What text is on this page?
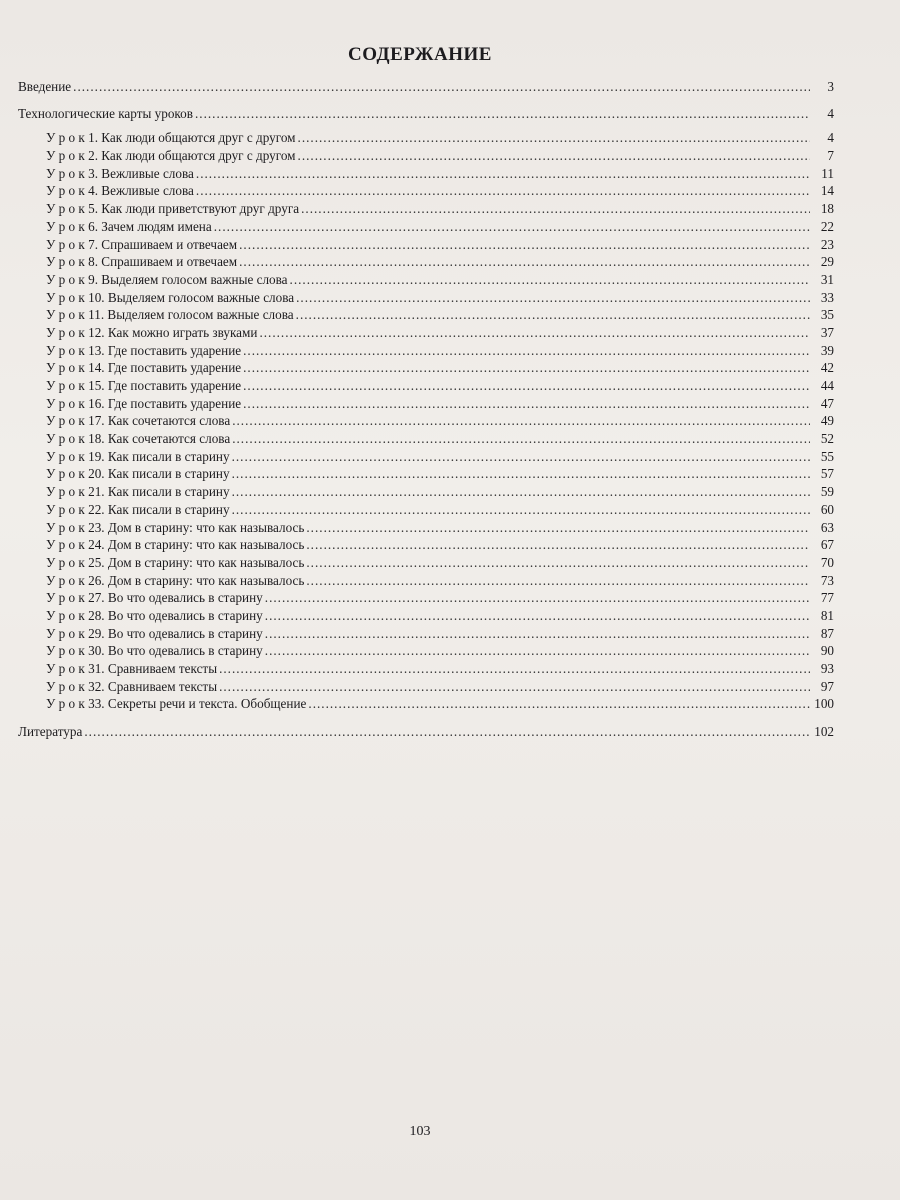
СОДЕРЖАНИЕ
Введение .....	3
Технологические карты уроков .....	4
У р о к 1. Как люди общаются друг с другом .....	4
У р о к 2. Как люди общаются друг с другом .....	7
У р о к 3. Вежливые слова .....	11
У р о к 4. Вежливые слова .....	14
У р о к 5. Как люди приветствуют друг друга .....	18
У р о к 6. Зачем людям имена .....	22
У р о к 7. Спрашиваем и отвечаем .....	23
У р о к 8. Спрашиваем и отвечаем .....	29
У р о к 9. Выделяем голосом важные слова .....	31
У р о к 10. Выделяем голосом важные слова .....	33
У р о к 11. Выделяем голосом важные слова .....	35
У р о к 12. Как можно играть звуками .....	37
У р о к 13. Где поставить ударение .....	39
У р о к 14. Где поставить ударение .....	42
У р о к 15. Где поставить ударение .....	44
У р о к 16. Где поставить ударение .....	47
У р о к 17. Как сочетаются слова .....	49
У р о к 18. Как сочетаются слова .....	52
У р о к 19. Как писали в старину .....	55
У р о к 20. Как писали в старину .....	57
У р о к 21. Как писали в старину .....	59
У р о к 22. Как писали в старину .....	60
У р о к 23. Дом в старину: что как называлось .....	63
У р о к 24. Дом в старину: что как называлось .....	67
У р о к 25. Дом в старину: что как называлось .....	70
У р о к 26. Дом в старину: что как называлось .....	73
У р о к 27. Во что одевались в старину .....	77
У р о к 28. Во что одевались в старину .....	81
У р о к 29. Во что одевались в старину .....	87
У р о к 30. Во что одевались в старину .....	90
У р о к 31. Сравниваем тексты .....	93
У р о к 32. Сравниваем тексты .....	97
У р о к 33. Секреты речи и текста. Обобщение .....	100
Литература .....	102
103
